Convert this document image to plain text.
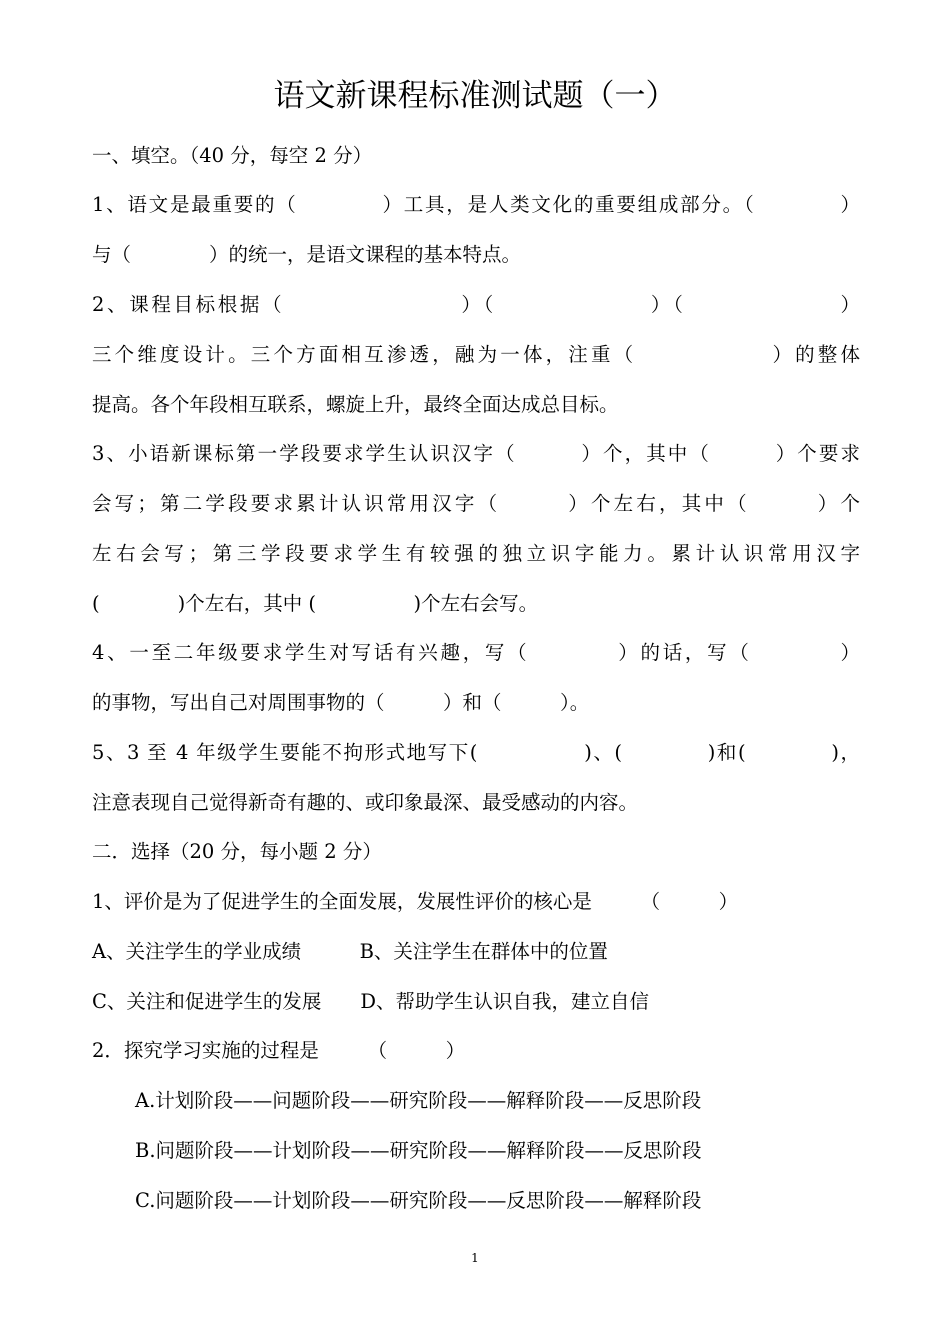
语文新课程标准测试题（一）
一、填空。（40 分，每空 2 分）
1、语文是最重要的（　　　　）工具，是人类文化的重要组成部分。（　　　　）
与（　　　　）的统一，是语文课程的基本特点。
2、课程目标根据（　　　　　　　　）（　　　　　　　）（　　　　　　　）
三个维度设计。三个方面相互渗透，融为一体，注重（　　　　　　）的整体
提高。各个年段相互联系，螺旋上升，最终全面达成总目标。
3、小语新课标第一学段要求学生认识汉字（　　　）个，其中（　　　）个要求
会写；第二学段要求累计认识常用汉字（　　　）个左右，其中（　　　）个
左右会写；第三学段要求学生有较强的独立识字能力。累计认识常用汉字
(　　　　)个左右，其中 (　　　　　)个左右会写。
4、一至二年级要求学生对写话有兴趣，写（　　　　）的话，写（　　　　）
的事物，写出自己对周围事物的（　　　）和（　　　）。
5、3 至 4 年级学生要能不拘形式地写下(　　　　　)、(　　　　)和(　　　　)，
注意表现自己觉得新奇有趣的、或印象最深、最受感动的内容。
二．选择（20 分，每小题 2 分）
1、评价是为了促进学生的全面发展，发展性评价的核心是　　　（　　　）
A、关注学生的学业成绩　　　B、关注学生在群体中的位置
C、关注和促进学生的发展　　D、帮助学生认识自我，建立自信
2．探究学习实施的过程是　　　（　　　）
A.计划阶段——问题阶段——研究阶段——解释阶段——反思阶段
B.问题阶段——计划阶段——研究阶段——解释阶段——反思阶段
C.问题阶段——计划阶段——研究阶段——反思阶段——解释阶段
1
